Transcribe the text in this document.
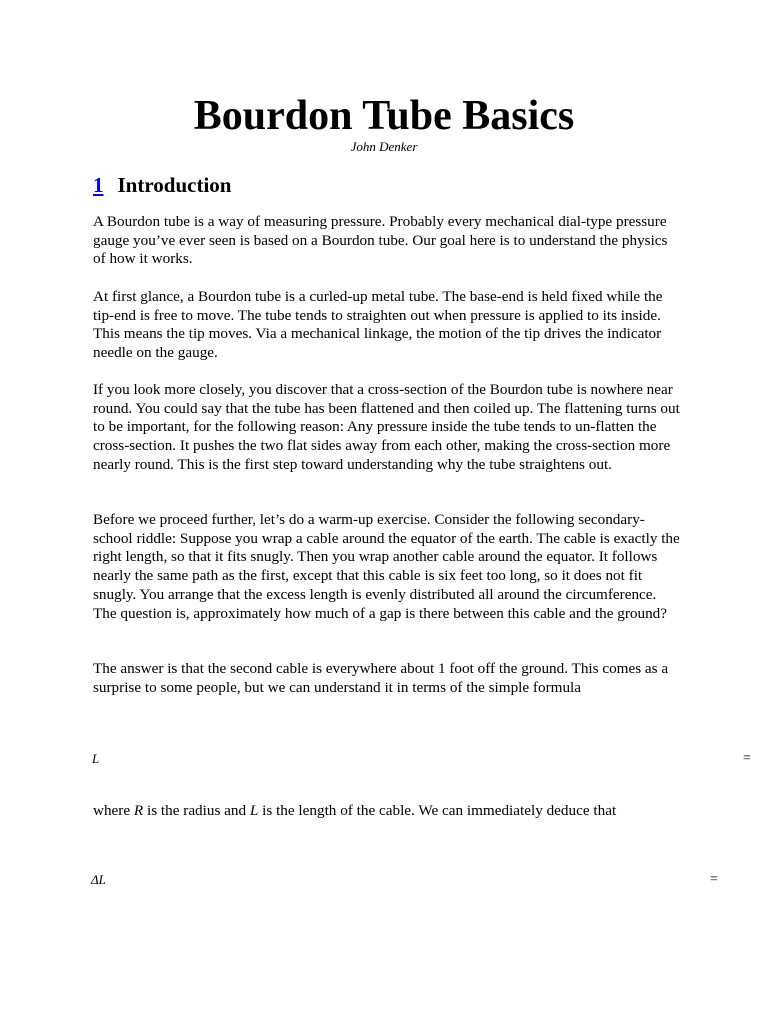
Bourdon Tube Basics
John Denker
1 Introduction

A Bourdon tube is a way of measuring pressure. Probably every mechanical dial-type pressure gauge you’ve ever seen is based on a Bourdon tube. Our goal here is to understand the physics of how it works.

At first glance, a Bourdon tube is a curled-up metal tube. The base-end is held fixed while the tip-end is free to move. The tube tends to straighten out when pressure is applied to its inside. This means the tip moves. Via a mechanical linkage, the motion of the tip drives the indicator needle on the gauge.

If you look more closely, you discover that a cross-section of the Bourdon tube is nowhere near round. You could say that the tube has been flattened and then coiled up. The flattening turns out to be important, for the following reason: Any pressure inside the tube tends to un-flatten the cross-section. It pushes the two flat sides away from each other, making the cross-section more nearly round. This is the first step toward understanding why the tube straightens out.

Before we proceed further, let’s do a warm-up exercise. Consider the following secondary-school riddle: Suppose you wrap a cable around the equator of the earth. The cable is exactly the right length, so that it fits snugly. Then you wrap another cable around the equator. It follows nearly the same path as the first, except that this cable is six feet too long, so it does not fit snugly. You arrange that the excess length is evenly distributed all around the circumference. The question is, approximately how much of a gap is there between this cable and the ground?

The answer is that the second cable is everywhere about 1 foot off the ground. This comes as a surprise to some people, but we can understand it in terms of the simple formula

L	=

where R is the radius and L is the length of the cable. We can immediately deduce that

ΔL	=
